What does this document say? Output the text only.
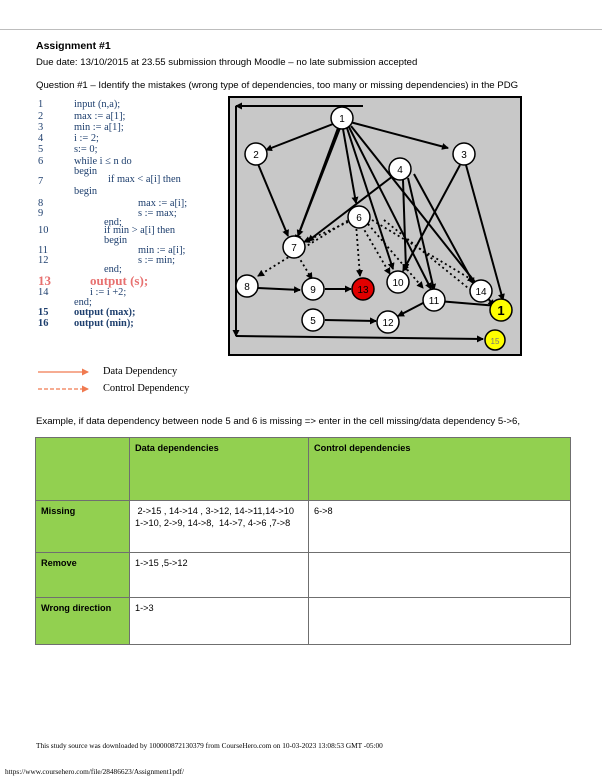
Assignment #1
Due date: 13/10/2015 at 23.55 submission through Moodle – no late submission accepted
Question #1 – Identify the mistakes (wrong type of dependencies, too many or missing dependencies) in the PDG
1	input (n,a);
2	max := a[1];
3	min := a[1];
4	i := 2;
5	s:= 0;
6	while i ≤ n do
begin
7	if max < a[i] then
begin
8	max := a[i];
9	s := max;
end;
10	if min > a[i] then
begin
11	min := a[i];
12	s := min;
end;
13	output (s);
14	i := i +2;
end;
15 output (max);
16 output (min);
1
2	3
4
6
7
8	9	13
10
11
14
5	12
1
15
Data Dependency
Control Dependency
Example, if data dependency between node 5 and 6 is missing => enter in the cell missing/data dependency 5->6,
	Data dependencies	Control dependencies
Missing	2->15 , 14->14 , 3->12, 14->11,14->10
1->10, 2->9, 14->8,  14->7, 4->6 ,7->8	6->8
Remove	1->15 ,5->12	
Wrong direction	1->3	
This study source was downloaded by 100000872130379 from CourseHero.com on 10-03-2023 13:08:53 GMT -05:00
https://www.coursehero.com/file/28486623/Assignment1pdf/
